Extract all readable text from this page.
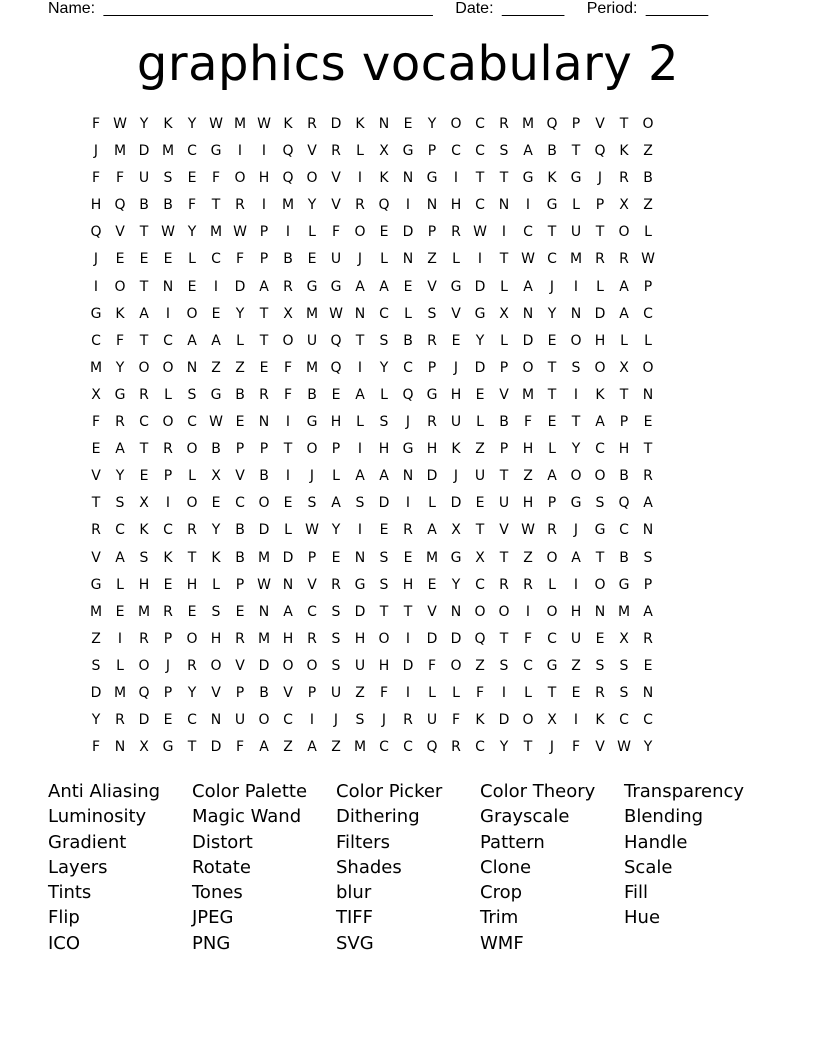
Name: _____________________________________ Date: _______ Period: _______
graphics vocabulary 2
F W Y	K	Y W M W K	R D	K	N	E	Y	O C	R M Q	P	V	T	O
J	M D M C G	I	I	Q V	R	L	X G	P	C	C	S	A	B	T	Q K	Z
F	F	U	S	E	F	O H Q O V	I	K	N G	I	T	T	G K G	J	R	B
H Q B	B	F	T	R	I	M Y	V	R Q	I	N H C N	I	G	L	P	X	Z
Q V	T W Y M W P	I	L	F	O	E	D	P	R W	I	C	T	U	T	O	L
J	E	E	E	L	C	F	P	B	E	U	J	L	N Z	L	I	T W C M R	R W
I	O	T	N	E	I	D A	R G G A	A	E	V G D	L	A	J	I	L	A	P
G K	A	I	O	E	Y	T	X M W N C	L	S	V G X N	Y	N D A	C
C	F	T	C	A	A	L	T	O U Q	T	S	B	R	E	Y	L	D	E	O H	L	L
M Y	O O N Z	Z	E	F M Q	I	Y	C	P	J	D	P	O	T	S	O X O
X G R	L	S	G B	R	F	B	E	A	L	Q G H	E	V M T	I	K	T	N
F	R	C O C W E	N	I	G H	L	S	J	R	U	L	B	F	E	T	A	P	E
E	A	T	R O B	P	P	T	O	P	I	H G H	K	Z	P	H	L	Y	C H	T
V	Y	E	P	L	X	V	B	I	J	L	A	A N D	J	U	T	Z	A O O B	R
T	S	X	I	O	E	C O	E	S	A	S	D	I	L	D	E	U H	P	G	S	Q A
R	C	K	C	R	Y	B D	L W Y	I	E	R	A	X	T	V W R	J	G C N
V	A	S	K	T	K	B M D	P	E	N	S	E M G X	T	Z O A	T	B	S
G	L	H	E	H	L	P W N V	R G	S	H	E	Y	C	R	R	L	I	O G	P
M E M R	E	S	E	N A	C	S	D	T	T	V N O O	I	O H N M A
Z	I	R	P	O H R M H R	S	H O	I	D D Q	T	F	C U	E	X	R
S	L	O	J	R O V D O O	S	U H D	F	O Z	S	C G Z	S	S	E
D M Q	P	Y	V	P	B	V	P	U	Z	F	I	L	L	F	I	L	T	E	R	S	N
Y	R D	E	C N U O C	I	J	S	J	R	U	F	K	D O X	I	K	C	C
F	N X G	T	D	F	A	Z	A	Z M C	C Q R	C	Y	T	J	F	V W Y
Anti Aliasing	Color Palette	Color Picker	Color Theory	Transparency
Luminosity	Magic Wand	Dithering	Grayscale	Blending
Gradient	Distort	Filters	Pattern	Handle
Layers	Rotate	Shades	Clone	Scale
Tints	Tones	blur	Crop	Fill
Flip	JPEG	TIFF	Trim	Hue
ICO	PNG	SVG	WMF
